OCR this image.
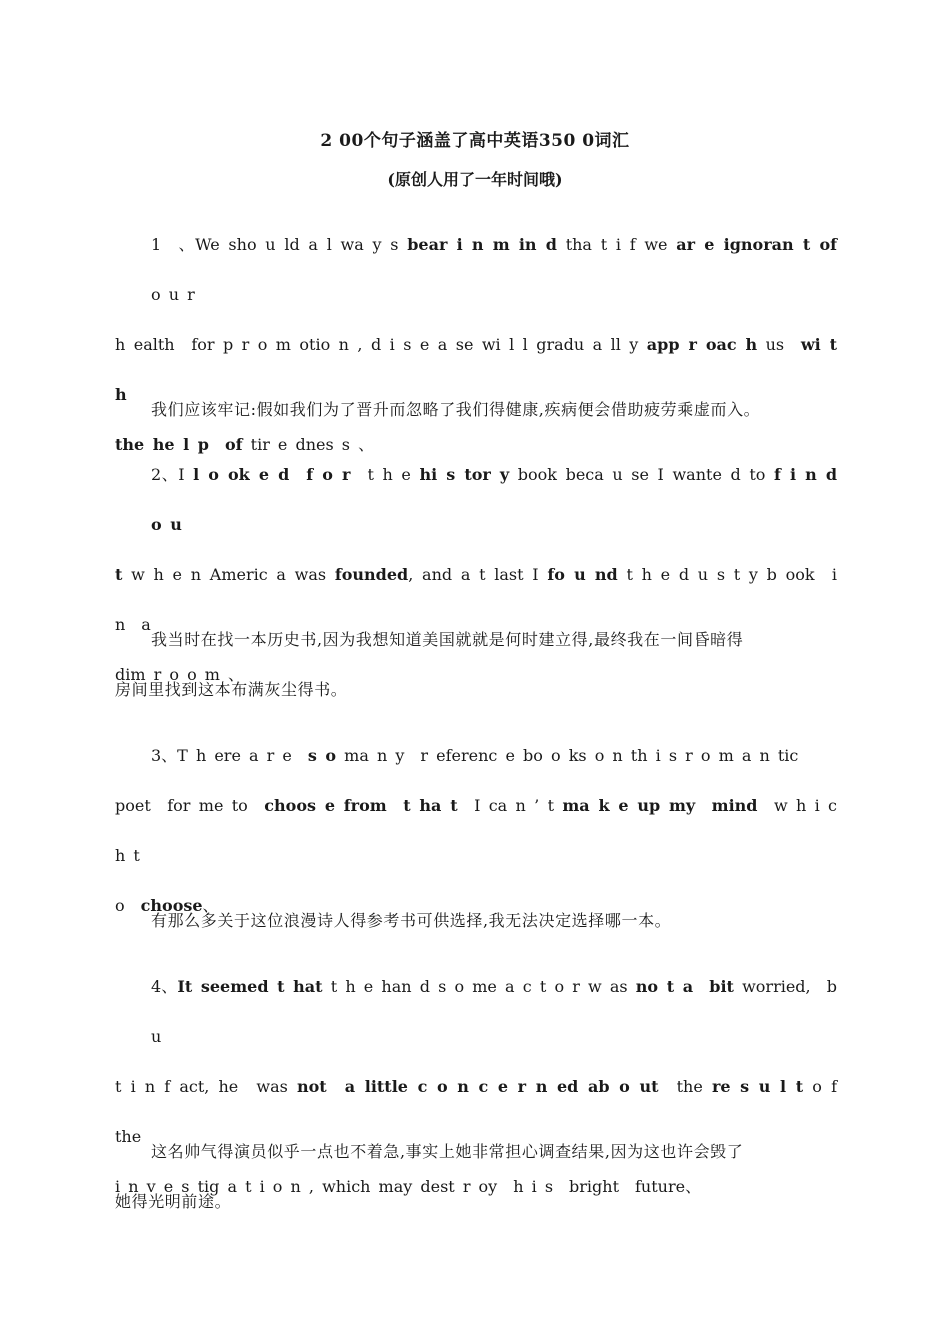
2 00个句子涵盖了高中英语350 0词汇
(原创人用了一年时间哦)
1　、We sho u ld a l wa y s bear i n m in d tha t i f we ar e ignoran t of o u r
h ealth　for p r o m otio n , d i s e a se wi l l gradu a ll y app r oac h us　wi t h
the he l p　of tir e dnes s 、
我们应该牢记:假如我们为了晋升而忽略了我们得健康,疾病便会借助疲劳乘虚而入。
2、I l o ok e d　f o r　t h e hi s tor y book beca u se I wante d to f i n d　o u
t w h e n Americ a was founded, and a t last I fo u nd t h e d u s t y b ook　i n　a
dim r o o m 、
我当时在找一本历史书,因为我想知道美国就就是何时建立得,最终我在一间昏暗得
房间里找到这本布满灰尘得书。
3、T h ere a r e　s o ma n y　r eferenc e bo o ks o n th i s r o m a n tic
poet　for me to　choos e from　 t ha t　I ca n ’ t ma k e up my　mind　w h i c h t
o　choose、
有那么多关于这位浪漫诗人得参考书可供选择,我无法决定选择哪一本。
4、It seemed t hat t h e han d s o me a c t o r w as no t a　bit worried,　b u
t i n f act, he　was not　a little c o n c e r n ed ab o ut　the re s u l t o f the
i n v e s tig a t i o n , which may dest r oy　h i s　bright　future、
这名帅气得演员似乎一点也不着急,事实上她非常担心调查结果,因为这也许会毁了
她得光明前途。
